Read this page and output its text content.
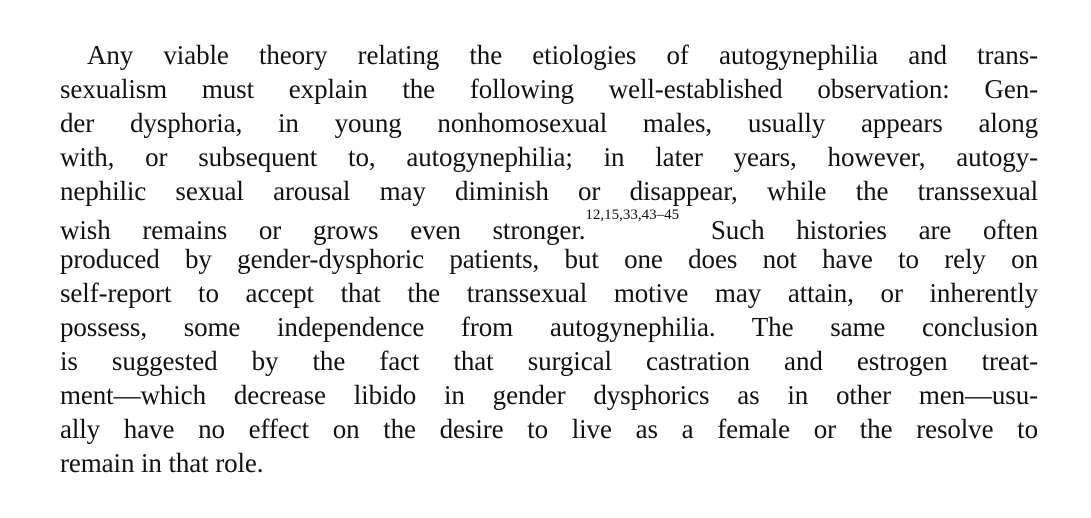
Any viable theory relating the etiologies of autogynephilia and trans-
sexualism must explain the following well-established observation: Gen-
der dysphoria, in young nonhomosexual males, usually appears along
with, or subsequent to, autogynephilia; in later years, however, autogy-
nephilic sexual arousal may diminish or disappear, while the transsexual
wish remains or grows even stronger.$^{12,15,33,43-45}$ Such histories are often
produced by gender-dysphoric patients, but one does not have to rely on
self-report to accept that the transsexual motive may attain, or inherently
possess, some independence from autogynephilia. The same conclusion
is suggested by the fact that surgical castration and estrogen treat-
ment—which decrease libido in gender dysphorics as in other men—usu-
ally have no effect on the desire to live as a female or the resolve to
remain in that role.
